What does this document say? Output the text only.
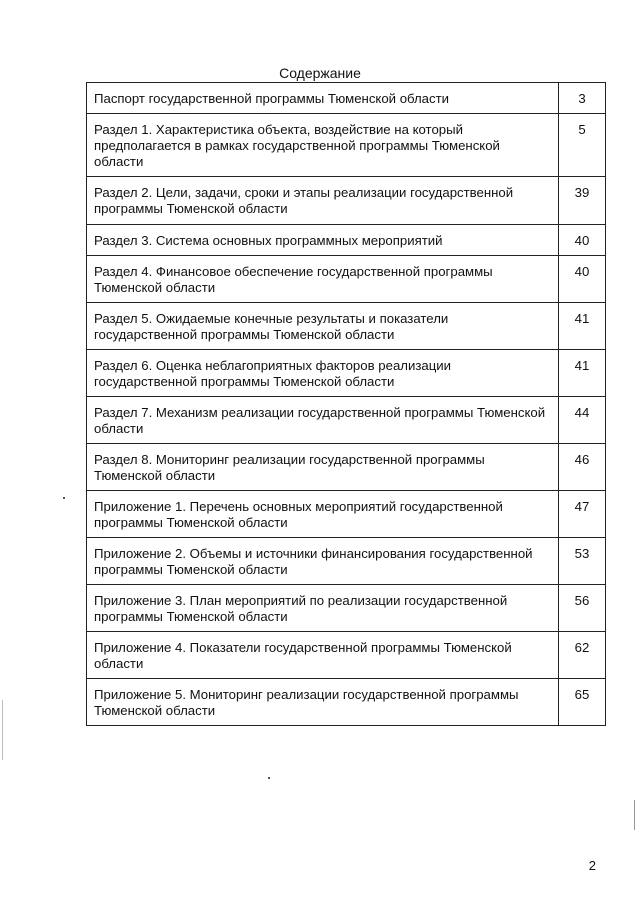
Содержание
Паспорт государственной программы Тюменской области	3
Раздел 1. Характеристика объекта, воздействие на который предполагается в рамках государственной программы Тюменской области	5
Раздел 2. Цели, задачи, сроки и этапы реализации государственной программы Тюменской области	39
Раздел 3. Система основных программных мероприятий	40
Раздел 4. Финансовое обеспечение государственной программы Тюменской области	40
Раздел 5. Ожидаемые конечные результаты и показатели государственной программы Тюменской области	41
Раздел 6. Оценка неблагоприятных факторов реализации государственной программы Тюменской области	41
Раздел 7. Механизм реализации государственной программы Тюменской области	44
Раздел 8. Мониторинг реализации государственной программы Тюменской области	46
Приложение 1. Перечень основных мероприятий государственной программы Тюменской области	47
Приложение 2. Объемы и источники финансирования государственной программы Тюменской области	53
Приложение 3. План мероприятий по реализации государственной программы Тюменской области	56
Приложение 4. Показатели государственной программы Тюменской области	62
Приложение 5. Мониторинг реализации государственной программы Тюменской области	65
2
